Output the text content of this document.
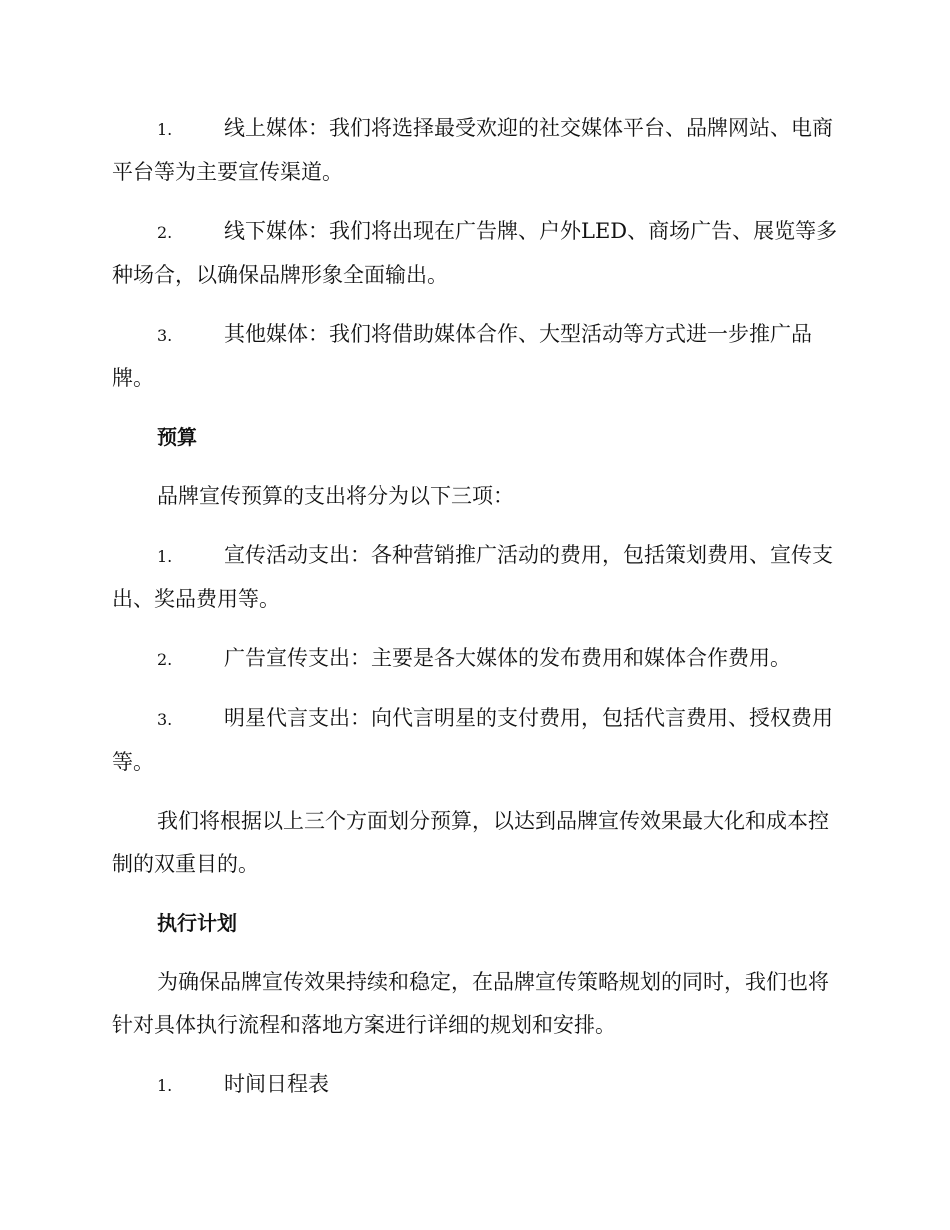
1. 线上媒体：我们将选择最受欢迎的社交媒体平台、品牌网站、电商平台等为主要宣传渠道。

2. 线下媒体：我们将出现在广告牌、户外LED、商场广告、展览等多种场合，以确保品牌形象全面输出。

3. 其他媒体：我们将借助媒体合作、大型活动等方式进一步推广品牌。

预算

品牌宣传预算的支出将分为以下三项：

1. 宣传活动支出：各种营销推广活动的费用，包括策划费用、宣传支出、奖品费用等。

2. 广告宣传支出：主要是各大媒体的发布费用和媒体合作费用。

3. 明星代言支出：向代言明星的支付费用，包括代言费用、授权费用等。

我们将根据以上三个方面划分预算，以达到品牌宣传效果最大化和成本控制的双重目的。

执行计划

为确保品牌宣传效果持续和稳定，在品牌宣传策略规划的同时，我们也将针对具体执行流程和落地方案进行详细的规划和安排。

1. 时间日程表
